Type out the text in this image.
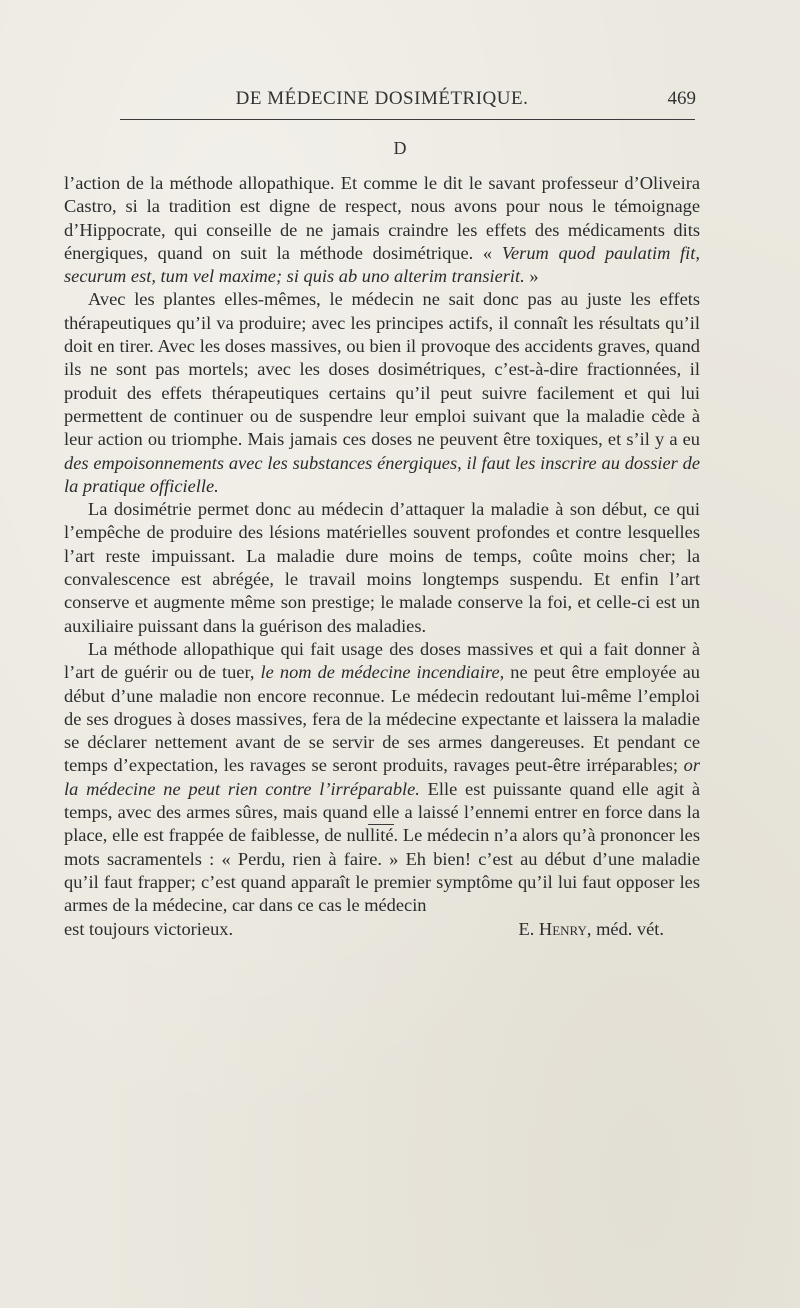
DE MÉDECINE DOSIMÉTRIQUE.	469
D

l’action de la méthode allopathique. Et comme le dit le savant professeur d’Oliveira Castro, si la tradition est digne de respect, nous avons pour nous le témoignage d’Hippocrate, qui conseille de ne jamais craindre les effets des médicaments dits énergiques, quand on suit la méthode dosimétrique. « Verum quod paulatim fit, securum est, tum vel maxime; si quis ab uno alterim transierit. »

Avec les plantes elles-mêmes, le médecin ne sait donc pas au juste les effets thérapeutiques qu’il va produire; avec les principes actifs, il connaît les résultats qu’il doit en tirer. Avec les doses massives, ou bien il provoque des accidents graves, quand ils ne sont pas mortels; avec les doses dosimétriques, c’est-à-dire fractionnées, il produit des effets thérapeutiques certains qu’il peut suivre facilement et qui lui permettent de continuer ou de suspendre leur emploi suivant que la maladie cède à leur action ou triomphe. Mais jamais ces doses ne peuvent être toxiques, et s’il y a eu des empoisonnements avec les substances énergiques, il faut les inscrire au dossier de la pratique officielle.

La dosimétrie permet donc au médecin d’attaquer la maladie à son début, ce qui l’empêche de produire des lésions matérielles souvent profondes et contre lesquelles l’art reste impuissant. La maladie dure moins de temps, coûte moins cher; la convalescence est abrégée, le travail moins longtemps suspendu. Et enfin l’art conserve et augmente même son prestige; le malade conserve la foi, et celle-ci est un auxiliaire puissant dans la guérison des maladies.

La méthode allopathique qui fait usage des doses massives et qui a fait donner à l’art de guérir ou de tuer, le nom de médecine incendiaire, ne peut être employée au début d’une maladie non encore reconnue. Le médecin redoutant lui-même l’emploi de ses drogues à doses massives, fera de la médecine expectante et laissera la maladie se déclarer nettement avant de se servir de ses armes dangereuses. Et pendant ce temps d’expectation, les ravages se seront produits, ravages peut-être irréparables; or la médecine ne peut rien contre l’irréparable. Elle est puissante quand elle agit à temps, avec des armes sûres, mais quand elle a laissé l’ennemi entrer en force dans la place, elle est frappée de faiblesse, de nullité. Le médecin n’a alors qu’à prononcer les mots sacramentels : « Perdu, rien à faire. » Eh bien! c’est au début d’une maladie qu’il faut frapper; c’est quand apparaît le premier symptôme qu’il lui faut opposer les armes de la médecine, car dans ce cas le médecin

est toujours victorieux.	E. Henry, méd. vét.
